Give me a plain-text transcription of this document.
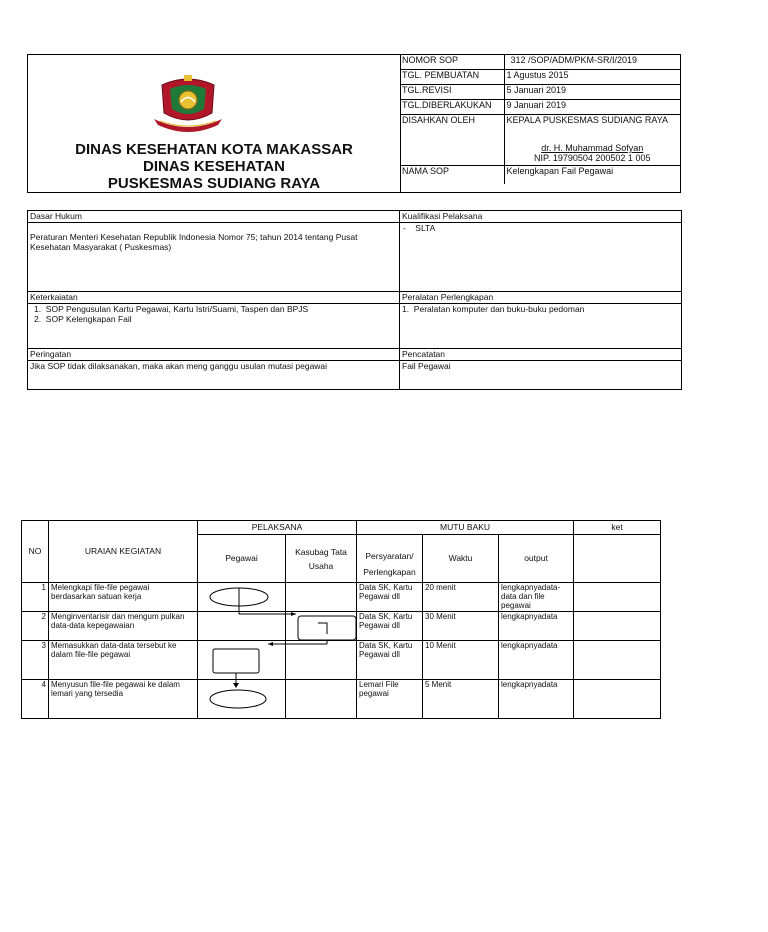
DINAS KESEHATAN KOTA MAKASSAR
DINAS KESEHATAN
PUSKESMAS SUDIANG RAYA
NOMOR SOP	312 /SOP/ADM/PKM-SR/I/2019
TGL. PEMBUATAN	1 Agustus 2015
TGL.REVISI	5 Januari 2019
TGL.DIBERLAKUKAN	9 Januari 2019
DISAHKAN OLEH	KEPALA PUSKESMAS SUDIANG RAYA
dr. H. Muhammad Sofyan
NIP. 19790504 200502 1 005

NAMA SOP	Kelengkapan Fail Pegawai
Dasar Hukum	Kualifikasi Pelaksana
Peraturan Menteri Kesehatan Republik Indonesia Nomor 75; tahun 2014 tentang Pusat Kesehatan Masyarakat ( Puskesmas)	-    SLTA
Keterkaiatan	Peralatan Perlengkapan

1.  SOP Pengusulan Kartu Pegawai, Kartu Istri/Suami, Taspen dan BPJS
2.  SOP Kelengkapan Fail	1.  Peralatan komputer dan buku-buku pedoman
Peringatan	Pencatatan
Jika SOP tidak dilaksanakan, maka akan meng ganggu usulan mutasi pegawai	Fail Pegawai
NO	URAIAN KEGIATAN	PELAKSANA		MUTU BAKU			ket
		Pegawai	Kasubag Tata Usaha	Persyaratan/ Perlengkapan	Waktu	output	
1	Melengkapi file-file pegawai berdasarkan satuan kerja			Data SK, Kartu Pegawai dll	20 menit	lengkapnyadata-data dan file pegawai	
2	Menginventarisir dan mengum pulkan data-data kepegawaian			Data SK, Kartu Pegawai dll	30 Menit	lengkapnyadata	
3	Memasukkan data-data tersebut ke dalam file-file pegawai			Data SK, Kartu Pegawai dll	10 Menit	lengkapnyadata	
4	Menyusun file-file pegawai ke dalam lemari yang tersedia			Lemari File pegawai	5 Menit	lengkapnyadata	
